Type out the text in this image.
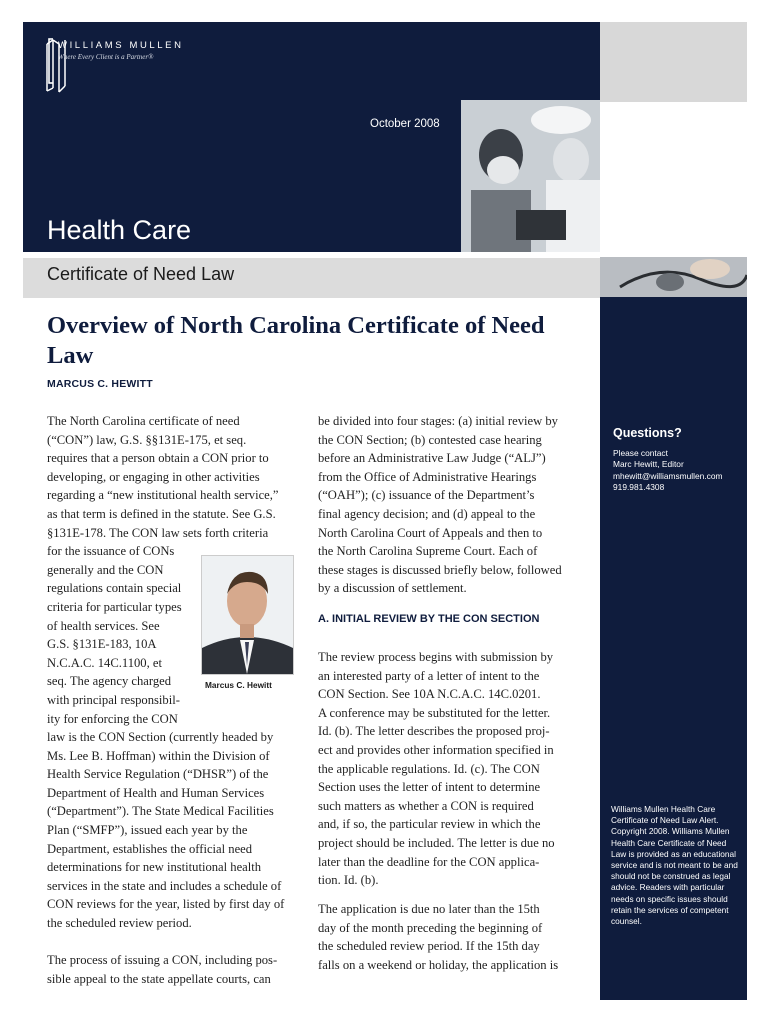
WILLIAMS MULLEN
Where Every Client is a Partner®
October 2008
Health Care
Certificate of Need Law
Questions?
Please contact
Marc Hewitt, Editor
mhewitt@williamsmullen.com
919.981.4308
Williams Mullen Health Care Certificate of Need Law Alert. Copyright 2008. Williams Mullen Health Care Certificate of Need Law is provided as an educational service and is not meant to be and should not be construed as legal advice. Readers with particular needs on specific issues should retain the services of competent counsel.
Overview of North Carolina Certificate of Need Law
MARCUS C. HEWITT
The North Carolina certificate of need
(“CON”) law, G.S. §§131E-175, et seq.
requires that a person obtain a CON prior to
developing, or engaging in other activities
regarding a “new institutional health service,”
as that term is defined in the statute. See G.S.
§131E-178. The CON law sets forth criteria
for the issuance of CONs
generally and the CON
regulations contain special
criteria for particular types
of health services. See
G.S. §131E-183, 10A
N.C.A.C. 14C.1100, et
seq. The agency charged
with principal responsibil-
ity for enforcing the CON
law is the CON Section (currently headed by
Ms. Lee B. Hoffman) within the Division of
Health Service Regulation (“DHSR”) of the
Department of Health and Human Services
(“Department”). The State Medical Facilities
Plan (“SMFP”), issued each year by the
Department, establishes the official need
determinations for new institutional health
services in the state and includes a schedule of
CON reviews for the year, listed by first day of
the scheduled review period.

The process of issuing a CON, including pos-
sible appeal to the state appellate courts, can
Marcus C. Hewitt
be divided into four stages: (a) initial review by
the CON Section; (b) contested case hearing
before an Administrative Law Judge (“ALJ”)
from the Office of Administrative Hearings
(“OAH”); (c) issuance of the Department’s
final agency decision; and (d) appeal to the
North Carolina Court of Appeals and then to
the North Carolina Supreme Court. Each of
these stages is discussed briefly below, followed
by a discussion of settlement.
A. INITIAL REVIEW BY THE CON SECTION
The review process begins with submission by
an interested party of a letter of intent to the
CON Section. See 10A N.C.A.C. 14C.0201.
A conference may be substituted for the letter.
Id. (b). The letter describes the proposed proj-
ect and provides other information specified in
the applicable regulations. Id. (c). The CON
Section uses the letter of intent to determine
such matters as whether a CON is required
and, if so, the particular review in which the
project should be included. The letter is due no
later than the deadline for the CON applica-
tion. Id. (b).
The application is due no later than the 15th
day of the month preceding the beginning of
the scheduled review period. If the 15th day
falls on a weekend or holiday, the application is
